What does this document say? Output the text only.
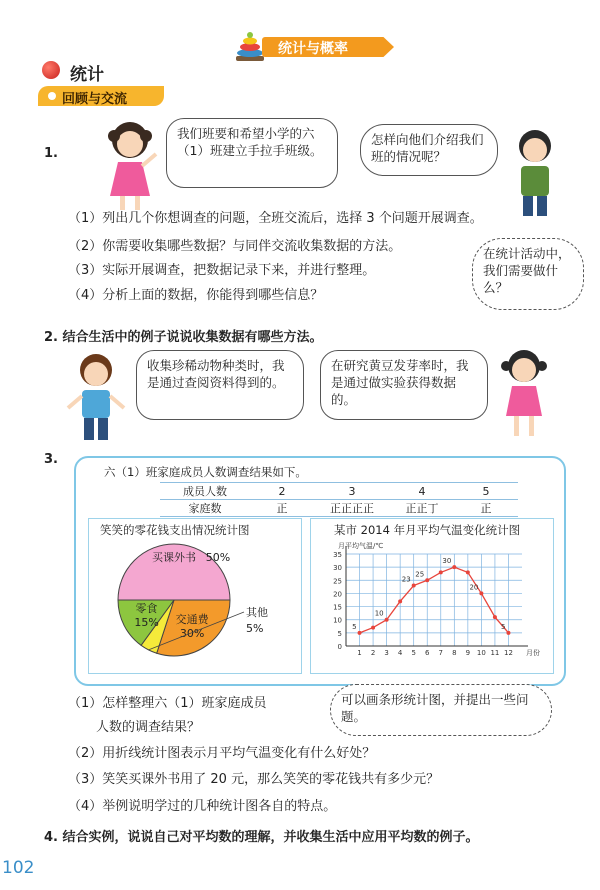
统计与概率
统计
回顾与交流
1.
我们班要和希望小学的六（1）班建立手拉手班级。
怎样向他们介绍我们班的情况呢？
（1）列出几个你想调查的问题，全班交流后，选择 3 个问题开展调查。
（2）你需要收集哪些数据？与同伴交流收集数据的方法。
（3）实际开展调查，把数据记录下来，并进行整理。
（4）分析上面的数据，你能得到哪些信息？
在统计活动中，我们需要做什么？
2. 结合生活中的例子说说收集数据有哪些方法。
收集珍稀动物种类时，我是通过查阅资料得到的。
在研究黄豆发芽率时，我是通过做实验获得数据的。
3.
六（1）班家庭成员人数调查结果如下。
成员人数	2	3	4	5
家庭数	正	正正正正	正正丁	正
笑笑的零花钱支出情况统计图
买课外书 50%
交通费
30%
其他
5%
零食
15%
某市 2014 年月平均气温变化统计图
0
5
10
15
20
25
30
35
1 2 3 4 5 6 7 8 9 10 11 12
月平均气温/℃
月份
5
10
23
25
30
20
5
（1）怎样整理六（1）班家庭成员
人数的调查结果？
可以画条形统计图，并提出一些问题。
（2）用折线统计图表示月平均气温变化有什么好处？
（3）笑笑买课外书用了 20 元，那么笑笑的零花钱共有多少元？
（4）举例说明学过的几种统计图各自的特点。
4. 结合实例，说说自己对平均数的理解，并收集生活中应用平均数的例子。
102
